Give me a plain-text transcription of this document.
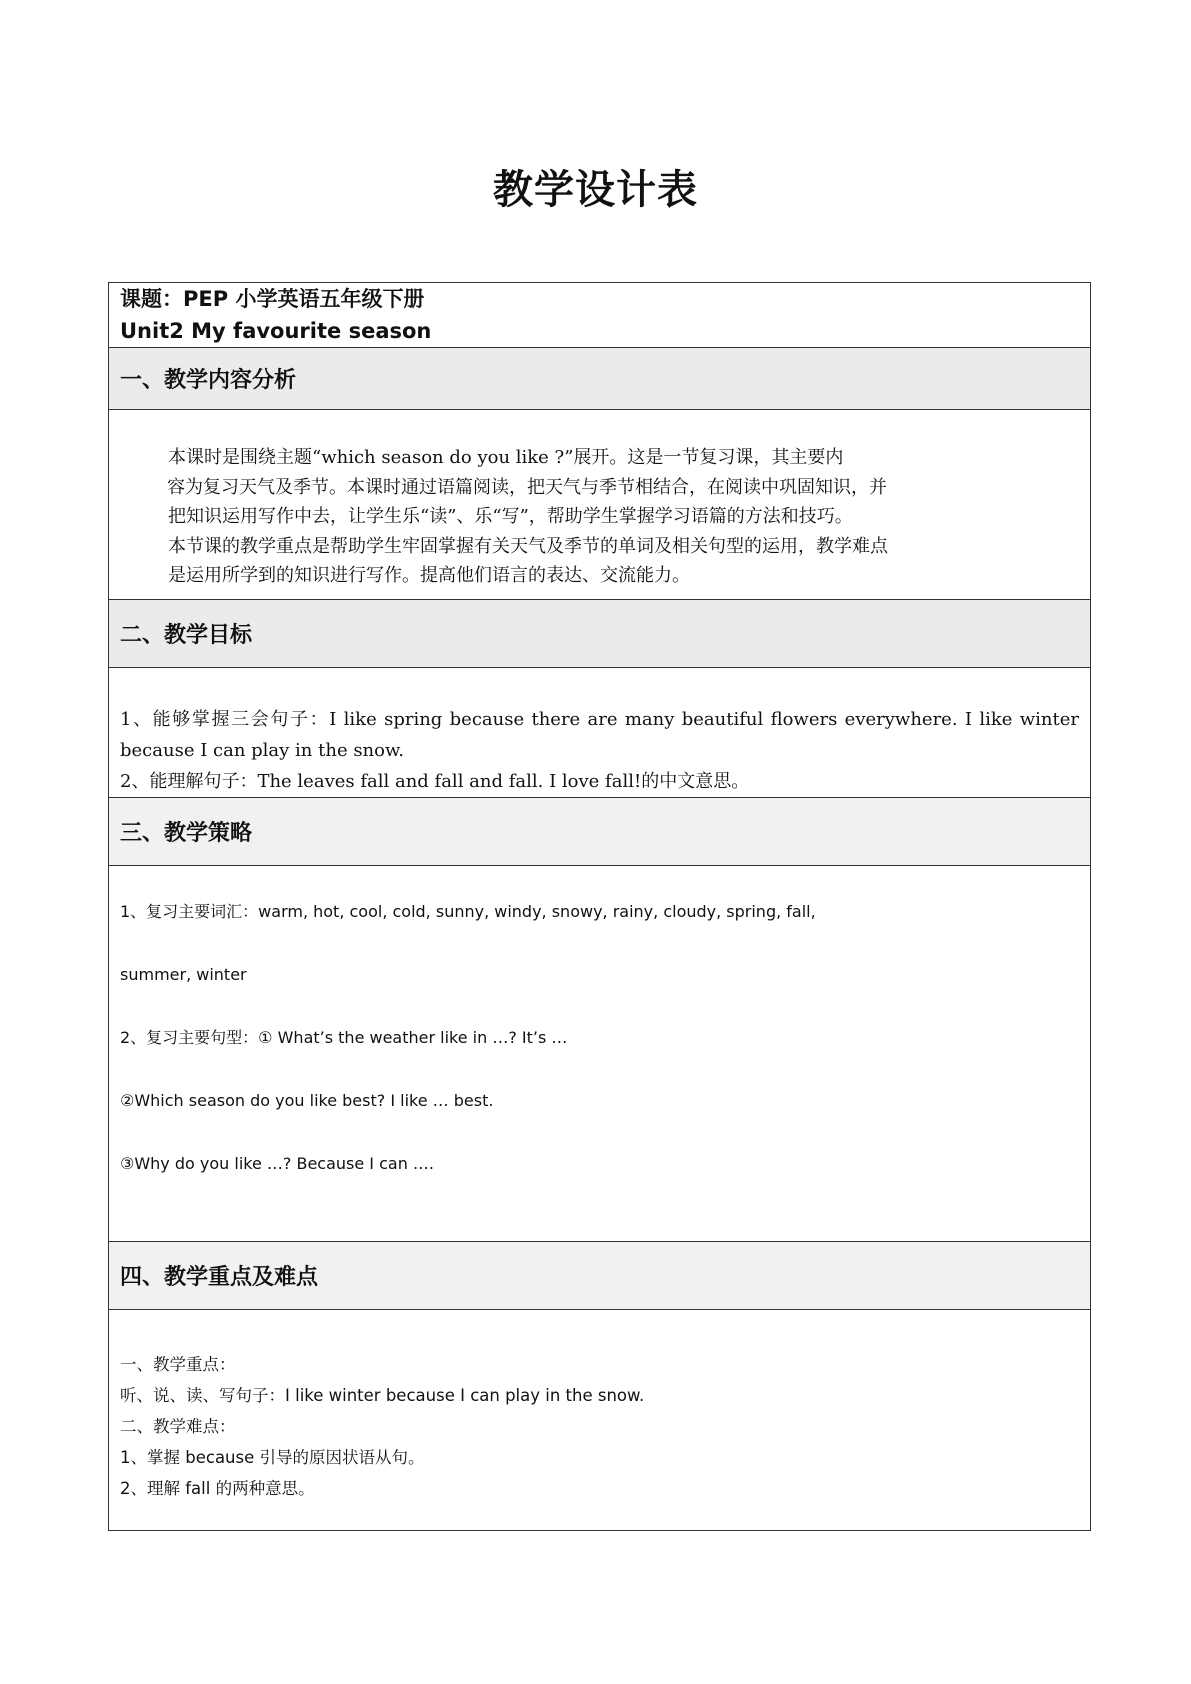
教学设计表
课题：PEP 小学英语五年级下册
Unit2 My favourite season

一、教学内容分析

本课时是围绕主题“which season do you like ?”展开。这是一节复习课，其主要内
容为复习天气及季节。本课时通过语篇阅读，把天气与季节相结合，在阅读中巩固知识，并
把知识运用写作中去，让学生乐“读”、乐“写”，帮助学生掌握学习语篇的方法和技巧。
本节课的教学重点是帮助学生牢固掌握有关天气及季节的单词及相关句型的运用，教学难点
是运用所学到的知识进行写作。提高他们语言的表达、交流能力。

二、教学目标

1、能够掌握三会句子：I like spring because there are many beautiful flowers everywhere. I like winter because I can play in the snow.
2、能理解句子：The leaves fall and fall and fall. I love fall!的中文意思。

三、教学策略

1、复习主要词汇：warm, hot, cool, cold, sunny, windy, snowy, rainy, cloudy, spring, fall,

summer, winter

2、复习主要句型：① What’s the weather like in …? It’s …

②Which season do you like best? I like … best.

③Why do you like …? Because I can ….

四、教学重点及难点

一、教学重点：
听、说、读、写句子：I like winter because I can play in the snow.
二、教学难点：
1、掌握 because 引导的原因状语从句。
2、理解 fall 的两种意思。
